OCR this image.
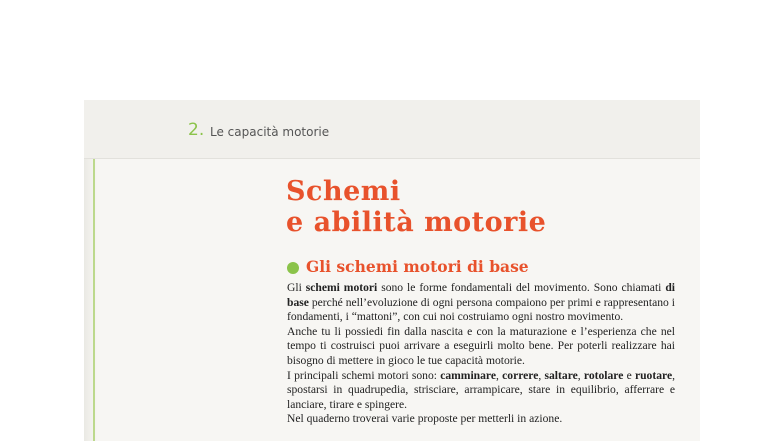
2. Le capacità motorie
Schemi
e abilità motorie
Gli schemi motori di base

Gli schemi motori sono le forme fondamentali del movimento. Sono chiamati di base perché nell’evoluzione di ogni persona compaiono per primi e rappresentano i fondamenti, i “mattoni”, con cui noi costruiamo ogni nostro movimento.

Anche tu li possiedi fin dalla nascita e con la maturazione e l’esperienza che nel tempo ti costruisci puoi arrivare a eseguirli molto bene. Per poterli realizzare hai bisogno di mettere in gioco le tue capacità motorie.

I principali schemi motori sono: camminare, correre, saltare, rotolare e ruotare, spostarsi in quadrupedia, strisciare, arrampicare, stare in equilibrio, afferrare e lanciare, tirare e spingere.

Nel quaderno troverai varie proposte per metterli in azione.
